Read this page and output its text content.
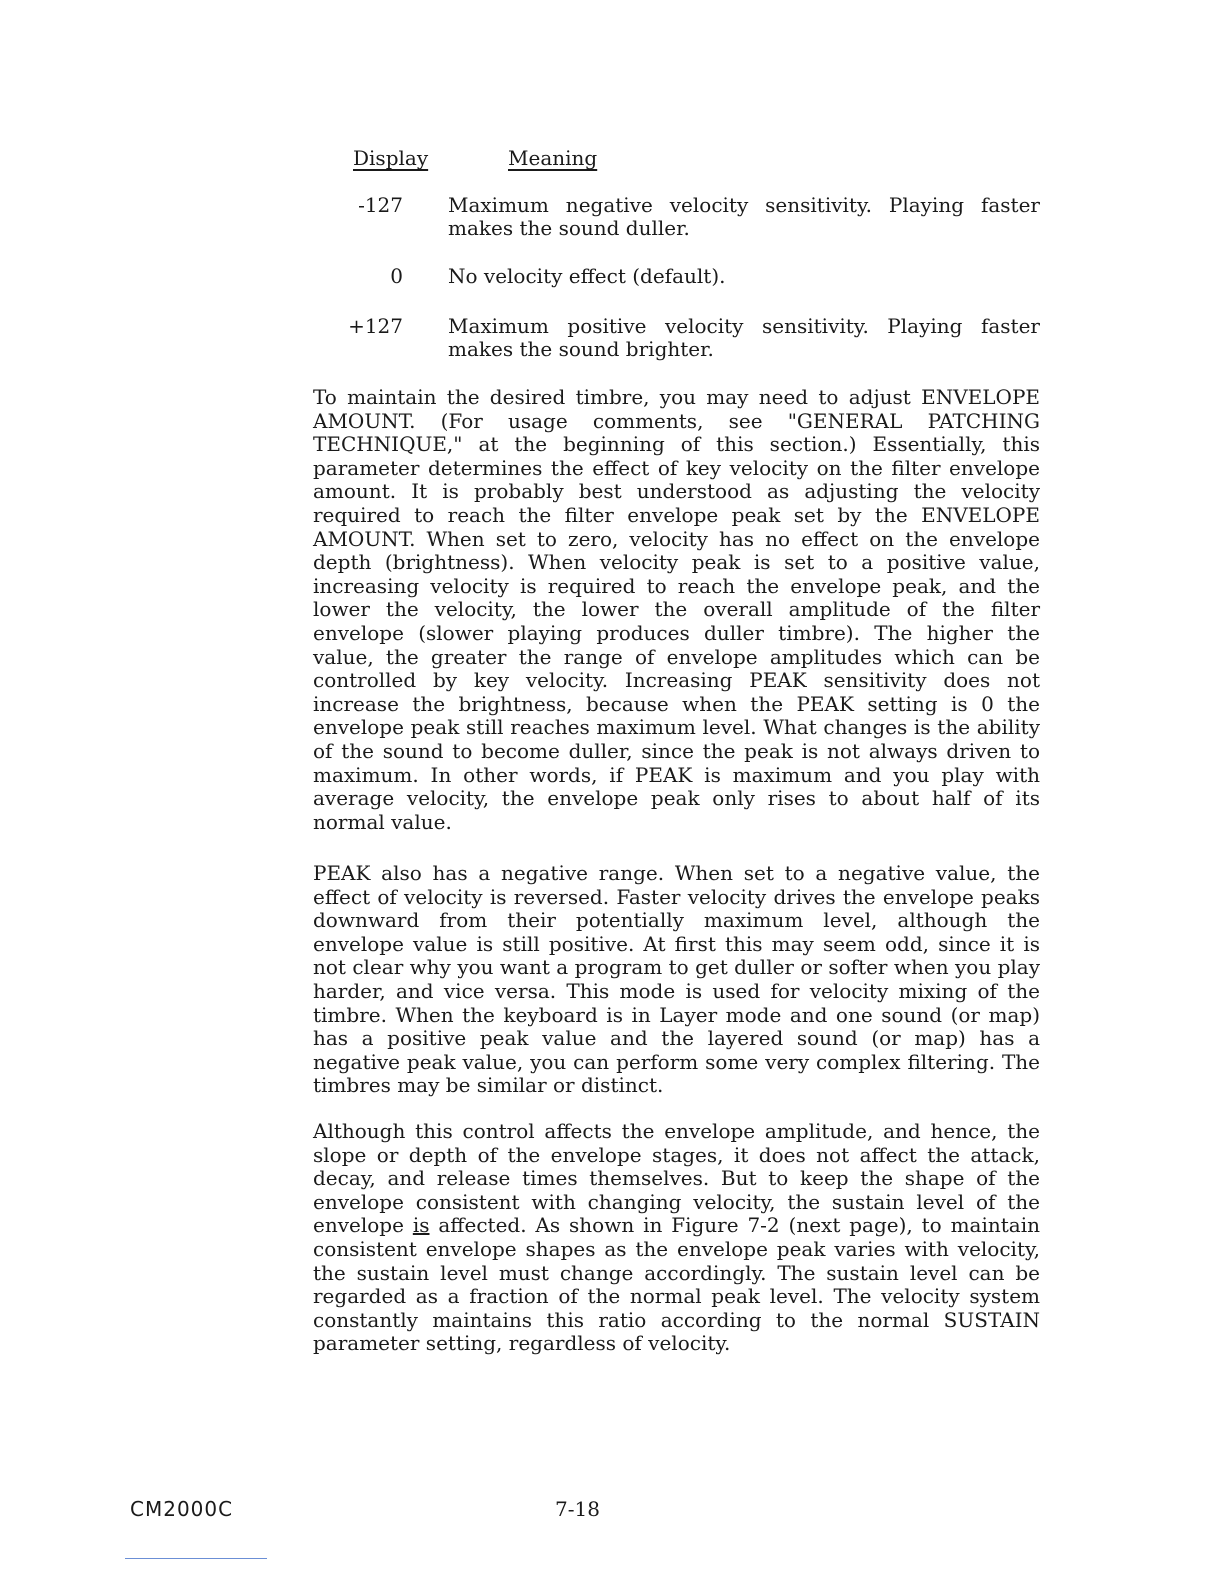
Display	Meaning
-127 Maximum negative velocity sensitivity. Playing faster makes the sound duller.
0 No velocity effect (default).
+127 Maximum positive velocity sensitivity. Playing faster makes the sound brighter.

To maintain the desired timbre, you may need to adjust ENVELOPE AMOUNT. (For usage comments, see "GENERAL PATCHING TECHNIQUE," at the beginning of this section.) Essentially, this parameter determines the effect of key velocity on the filter envelope amount. It is probably best understood as adjusting the velocity required to reach the filter envelope peak set by the ENVELOPE AMOUNT. When set to zero, velocity has no effect on the envelope depth (brightness). When velocity peak is set to a positive value, increasing velocity is required to reach the envelope peak, and the lower the velocity, the lower the overall amplitude of the filter envelope (slower playing produces duller timbre). The higher the value, the greater the range of envelope amplitudes which can be controlled by key velocity. Increasing PEAK sensitivity does not increase the brightness, because when the PEAK setting is 0 the envelope peak still reaches maximum level. What changes is the ability of the sound to become duller, since the peak is not always driven to maximum. In other words, if PEAK is maximum and you play with average velocity, the envelope peak only rises to about half of its normal value.

PEAK also has a negative range. When set to a negative value, the effect of velocity is reversed. Faster velocity drives the envelope peaks downward from their potentially maximum level, although the envelope value is still positive. At first this may seem odd, since it is not clear why you want a program to get duller or softer when you play harder, and vice versa. This mode is used for velocity mixing of the timbre. When the keyboard is in Layer mode and one sound (or map) has a positive peak value and the layered sound (or map) has a negative peak value, you can perform some very complex filtering. The timbres may be similar or distinct.

Although this control affects the envelope amplitude, and hence, the slope or depth of the envelope stages, it does not affect the attack, decay, and release times themselves. But to keep the shape of the envelope consistent with changing velocity, the sustain level of the envelope is affected. As shown in Figure 7-2 (next page), to maintain consistent envelope shapes as the envelope peak varies with velocity, the sustain level must change accordingly. The sustain level can be regarded as a fraction of the normal peak level. The velocity system constantly maintains this ratio according to the normal SUSTAIN parameter setting, regardless of velocity.

CM2000C	7-18
